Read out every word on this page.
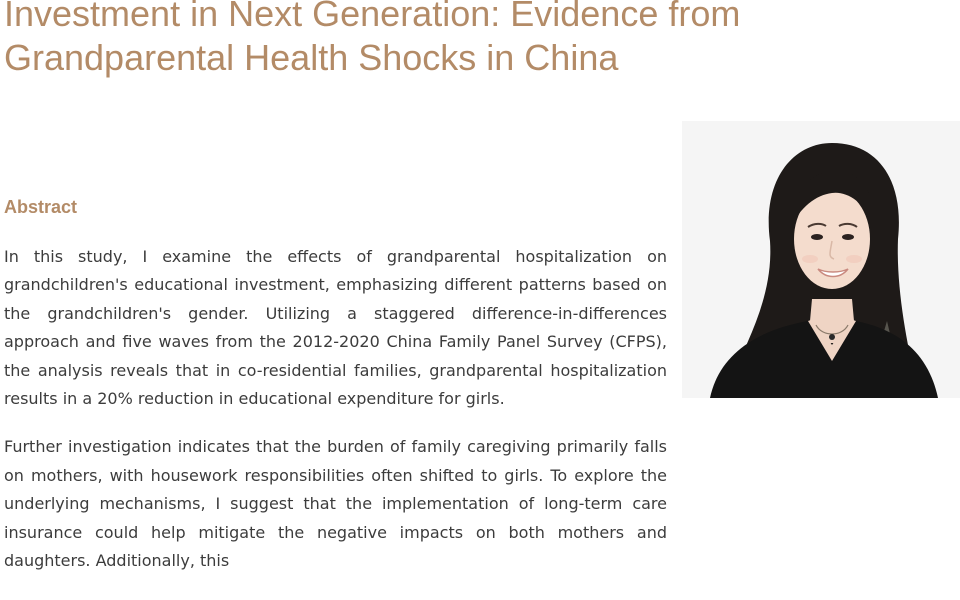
Investment in Next Generation: Evidence from Grandparental Health Shocks in China
Abstract

In this study, I examine the effects of grandparental hospitalization on grandchildren's educational investment, emphasizing different patterns based on the grandchildren's gender. Utilizing a staggered difference-in-differences approach and five waves from the 2012-2020 China Family Panel Survey (CFPS), the analysis reveals that in co-residential families, grandparental hospitalization results in a 20% reduction in educational expenditure for girls.

Further investigation indicates that the burden of family caregiving primarily falls on mothers, with housework responsibilities often shifted to girls. To explore the underlying mechanisms, I suggest that the implementation of long-term care insurance could help mitigate the negative impacts on both mothers and daughters. Additionally, this
